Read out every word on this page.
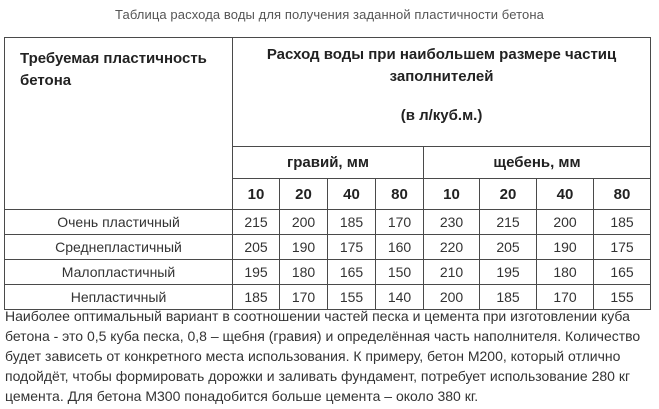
Таблица расхода воды для получения заданной пластичности бетона
Требуемая пластичность
бетона	Расход воды при наибольшем размере частиц
заполнителей
(в л/куб.м.)							

	гравий, мм				щебень, мм			
	10	20	40	80	10	20	40	80
Очень пластичный	215	200	185	170	230	215	200	185
Среднепластичный	205	190	175	160	220	205	190	175
Малопластичный	195	180	165	150	210	195	180	165
Непластичный	185	170	155	140	200	185	170	155

Наиболее оптимальный вариант в соотношении частей песка и цемента при изготовлении куба бетона - это 0,5 куба песка, 0,8 – щебня (гравия) и определённая часть наполнителя. Количество будет зависеть от конкретного места использования. К примеру, бетон М200, который отлично подойдёт, чтобы формировать дорожки и заливать фундамент, потребует использование 280 кг цемента. Для бетона М300 понадобится больше цемента – около 380 кг.
